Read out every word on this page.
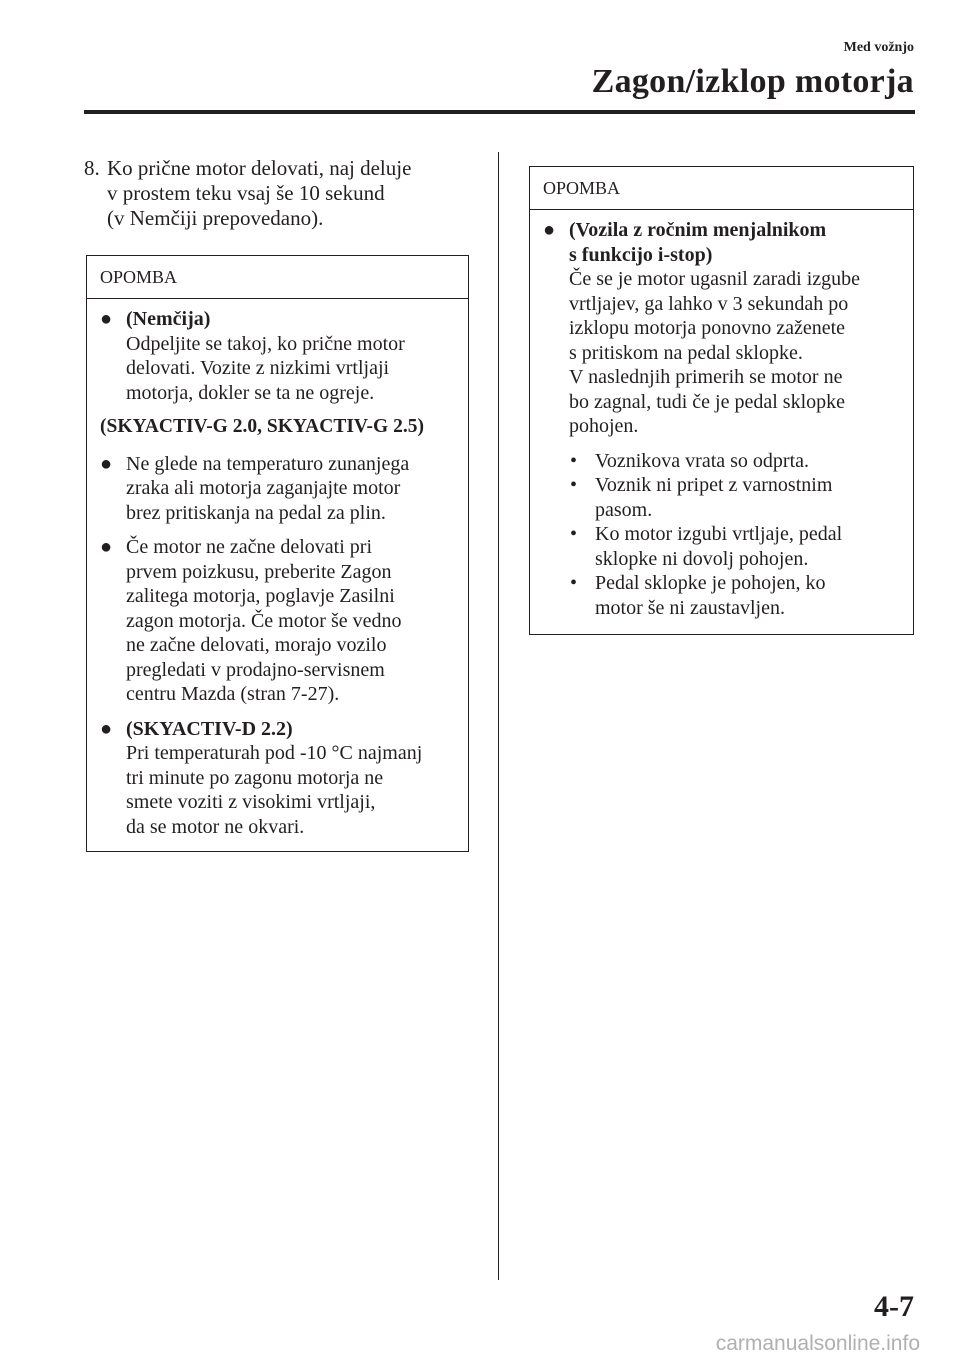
Med vožnjo
Zagon/izklop motorja
8. Ko prične motor delovati, naj deluje
v prostem teku vsaj še 10 sekund
(v Nemčiji prepovedano).
OPOMBA
● (Nemčija)
Odpeljite se takoj, ko prične motor
delovati. Vozite z nizkimi vrtljaji
motorja, dokler se ta ne ogreje.
(SKYACTIV-G 2.0, SKYACTIV-G 2.5)
● Ne glede na temperaturo zunanjega
zraka ali motorja zaganjajte motor
brez pritiskanja na pedal za plin.
● Če motor ne začne delovati pri
prvem poizkusu, preberite Zagon
zalitega motorja, poglavje Zasilni
zagon motorja. Če motor še vedno
ne začne delovati, morajo vozilo
pregledati v prodajno-servisnem
centru Mazda (stran 7-27).
● (SKYACTIV-D 2.2)
Pri temperaturah pod -10 °C najmanj
tri minute po zagonu motorja ne
smete voziti z visokimi vrtljaji,
da se motor ne okvari.
OPOMBA
● (Vozila z ročnim menjalnikom
s funkcijo i-stop)
Če se je motor ugasnil zaradi izgube
vrtljajev, ga lahko v 3 sekundah po
izklopu motorja ponovno zaženete
s pritiskom na pedal sklopke.
V naslednjih primerih se motor ne
bo zagnal, tudi če je pedal sklopke
pohojen.
• Voznikova vrata so odprta.
• Voznik ni pripet z varnostnim
pasom.
• Ko motor izgubi vrtljaje, pedal
sklopke ni dovolj pohojen.
• Pedal sklopke je pohojen, ko
motor še ni zaustavljen.
4-7
carmanualsonline.info
